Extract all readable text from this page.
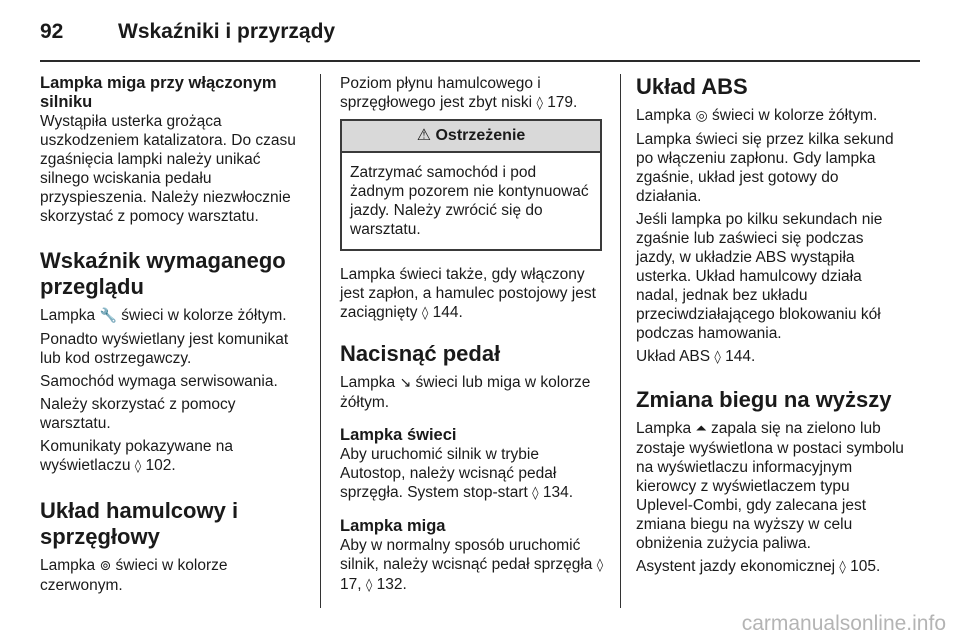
92	Wskaźniki i przyrządy
Lampka miga przy włączonym silniku

Wystąpiła usterka grożąca uszkodzeniem katalizatora. Do czasu zgaśnięcia lampki należy unikać silnego wciskania pedału przyspieszenia. Należy niezwłocznie skorzystać z pomocy warsztatu.

Wskaźnik wymaganego przeglądu

Lampka 🔧 świeci w kolorze żółtym.

Ponadto wyświetlany jest komunikat lub kod ostrzegawczy.

Samochód wymaga serwisowania.

Należy skorzystać z pomocy warsztatu.

Komunikaty pokazywane na wyświetlaczu ◊ 102.

Układ hamulcowy i sprzęgłowy

Lampka ⊚ świeci w kolorze czerwonym.

Poziom płynu hamulcowego i sprzęgłowego jest zbyt niski ◊ 179.

⚠ Ostrzeżenie
Zatrzymać samochód i pod żadnym pozorem nie kontynuować jazdy. Należy zwrócić się do warsztatu.

Lampka świeci także, gdy włączony jest zapłon, a hamulec postojowy jest zaciągnięty ◊ 144.

Nacisnąć pedał

Lampka ↘ świeci lub miga w kolorze żółtym.

Lampka świeci

Aby uruchomić silnik w trybie Autostop, należy wcisnąć pedał sprzęgła. System stop-start ◊ 134.

Lampka miga

Aby w normalny sposób uruchomić silnik, należy wcisnąć pedał sprzęgła ◊ 17, ◊ 132.

Układ ABS

Lampka ◎ świeci w kolorze żółtym.

Lampka świeci się przez kilka sekund po włączeniu zapłonu. Gdy lampka zgaśnie, układ jest gotowy do działania.

Jeśli lampka po kilku sekundach nie zgaśnie lub zaświeci się podczas jazdy, w układzie ABS wystąpiła usterka. Układ hamulcowy działa nadal, jednak bez układu przeciwdziałającego blokowaniu kół podczas hamowania.

Układ ABS ◊ 144.

Zmiana biegu na wyższy

Lampka ⏶ zapala się na zielono lub zostaje wyświetlona w postaci symbolu na wyświetlaczu informacyjnym kierowcy z wyświetlaczem typu Uplevel-Combi, gdy zalecana jest zmiana biegu na wyższy w celu obniżenia zużycia paliwa.

Asystent jazdy ekonomicznej ◊ 105.

carmanualsonline.info
